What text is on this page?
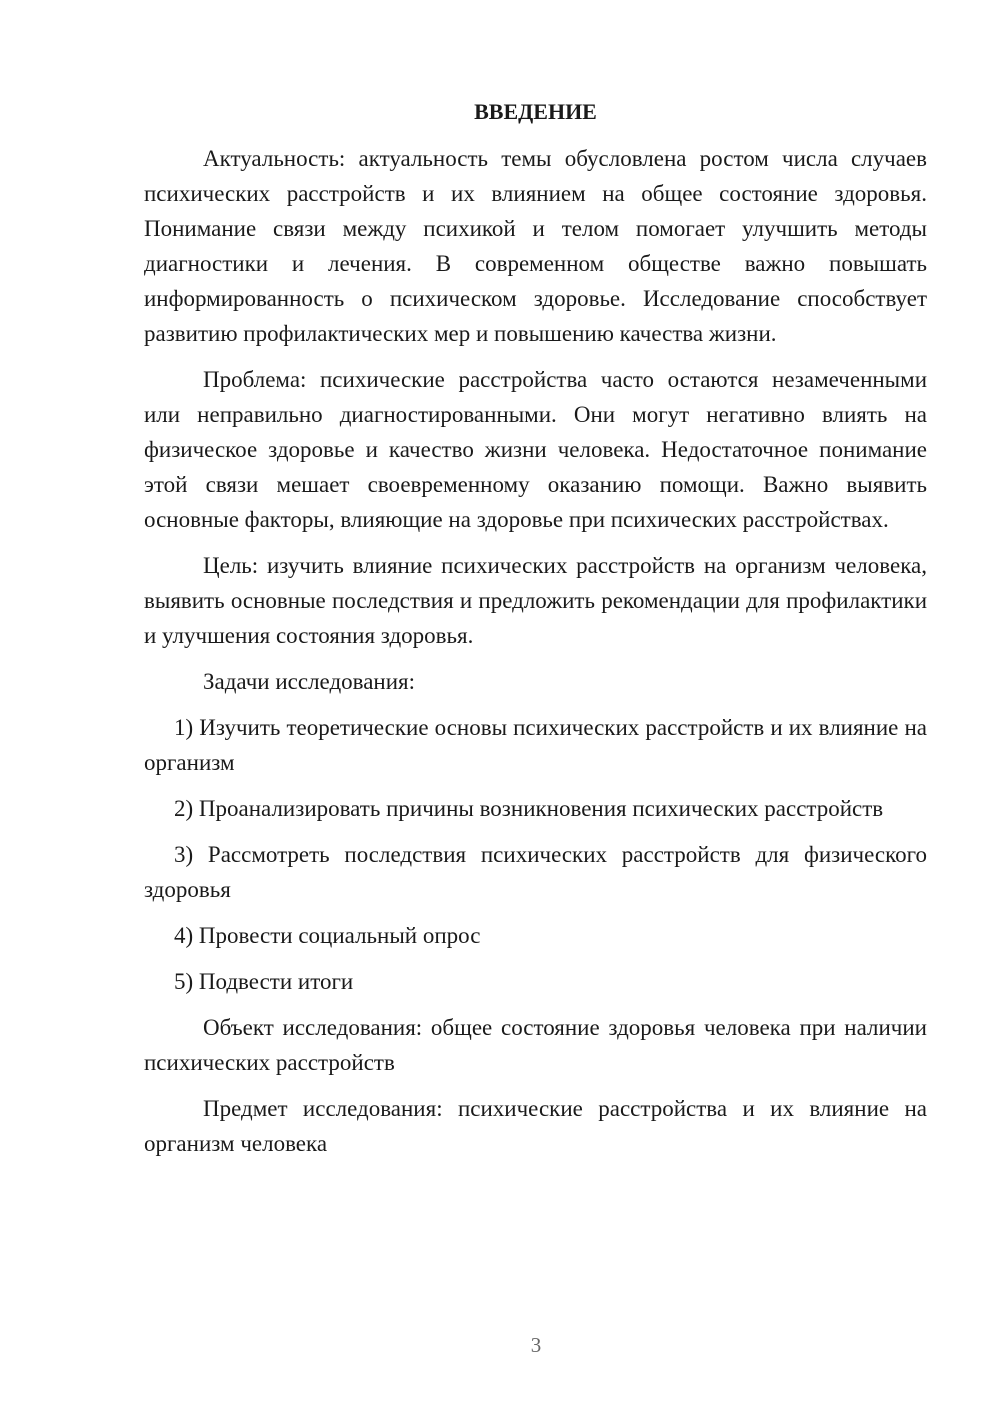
ВВЕДЕНИЕ

Актуальность: актуальность темы обусловлена ростом числа случаев психических расстройств и их влиянием на общее состояние здоровья. Понимание связи между психикой и телом помогает улучшить методы диагностики и лечения. В современном обществе важно повышать информированность о психическом здоровье. Исследование способствует развитию профилактических мер и повышению качества жизни.

Проблема: психические расстройства часто остаются незамеченными или неправильно диагностированными. Они могут негативно влиять на физическое здоровье и качество жизни человека. Недостаточное понимание этой связи мешает своевременному оказанию помощи. Важно выявить основные факторы, влияющие на здоровье при психических расстройствах.

Цель: изучить влияние психических расстройств на организм человека, выявить основные последствия и предложить рекомендации для профилактики и улучшения состояния здоровья.

Задачи исследования:

1) Изучить теоретические основы психических расстройств и их влияние на организм

2) Проанализировать причины возникновения психических расстройств

3) Рассмотреть последствия психических расстройств для физического здоровья

4) Провести социальный опрос

5) Подвести итоги

Объект исследования: общее состояние здоровья человека при наличии психических расстройств

Предмет исследования: психические расстройства и их влияние на организм человека

3
